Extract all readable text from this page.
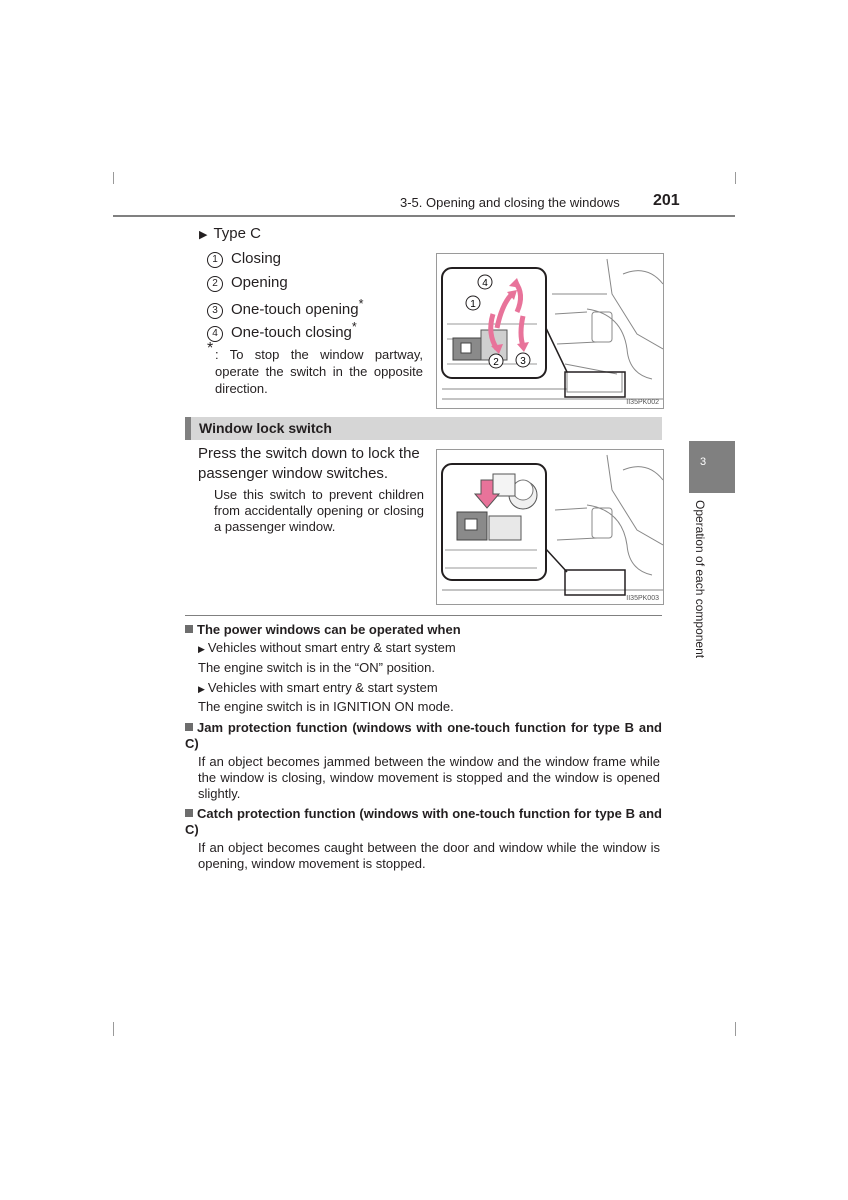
3-5. Opening and closing the windows 201
▶ Type C
1 Closing
2 Opening
3 One-touch opening*
4 One-touch closing*
* : To stop the window partway, operate the switch in the opposite direction.
4
1
2 3
II35PK002
Window lock switch
3
Operation of each component
Press the switch down to lock the passenger window switches.
Use this switch to prevent children from accidentally opening or closing a passenger window.
II35PK003
The power windows can be operated when
▶ Vehicles without smart entry & start system
The engine switch is in the “ON” position.
▶ Vehicles with smart entry & start system
The engine switch is in IGNITION ON mode.
Jam protection function (windows with one-touch function for type B and C)
If an object becomes jammed between the window and the window frame while the window is closing, window movement is stopped and the window is opened slightly.
Catch protection function (windows with one-touch function for type B and C)
If an object becomes caught between the door and window while the window is opening, window movement is stopped.
